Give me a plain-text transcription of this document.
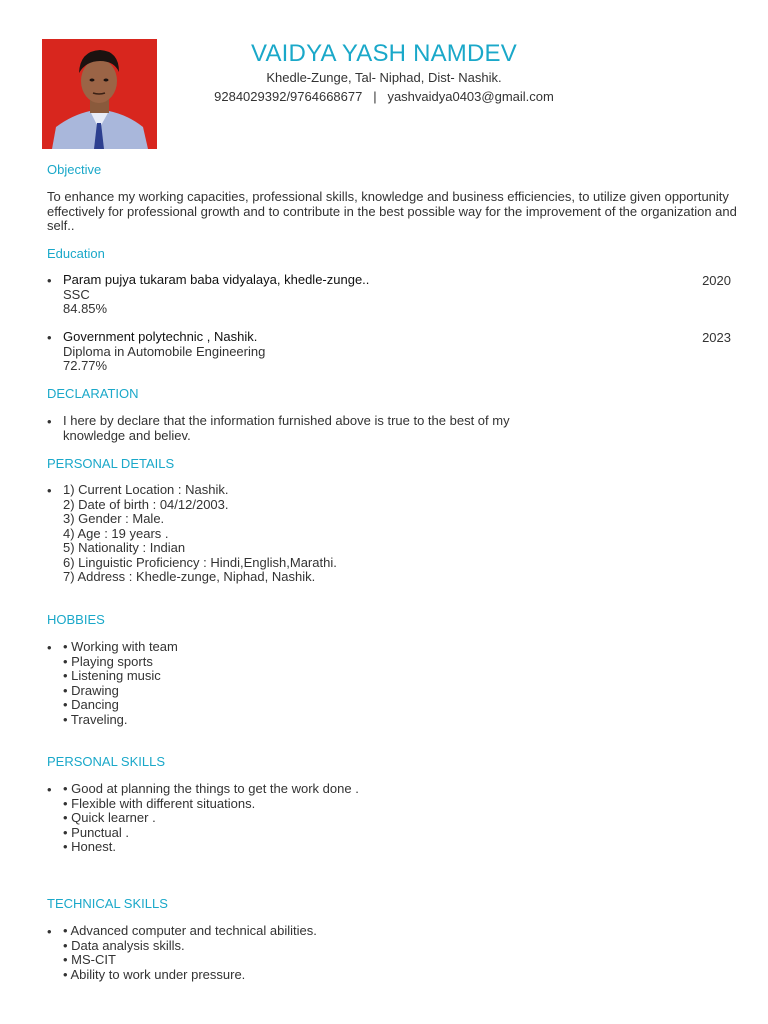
VAIDYA YASH NAMDEV
Khedle-Zunge, Tal- Niphad, Dist- Nashik.
9284029392/9764668677 | yashvaidya0403@gmail.com
Objective
To enhance my working capacities, professional skills, knowledge and business efficiencies, to utilize given opportunity effectively for professional growth and to contribute in the best possible way for the improvement of the organization and self..
Education
• Param pujya tukaram baba vidyalaya, khedle-zunge..
SSC
84.85%
2020
• Government polytechnic , Nashik.
Diploma in Automobile Engineering
72.77%
2023
DECLARATION
• I here by declare that the information furnished above is true to the best of my
knowledge and believ.
PERSONAL DETAILS
• 1) Current Location : Nashik.
2) Date of birth : 04/12/2003.
3) Gender : Male.
4) Age : 19 years .
5) Nationality : Indian
6) Linguistic Proficiency : Hindi,English,Marathi.
7) Address : Khedle-zunge, Niphad, Nashik.
HOBBIES
• • Working with team
• Playing sports
• Listening music
• Drawing
• Dancing
• Traveling.
PERSONAL SKILLS
• • Good at planning the things to get the work done .
• Flexible with different situations.
• Quick learner .
• Punctual .
• Honest.
TECHNICAL SKILLS
• • Advanced computer and technical abilities.
• Data analysis skills.
• MS-CIT
• Ability to work under pressure.
